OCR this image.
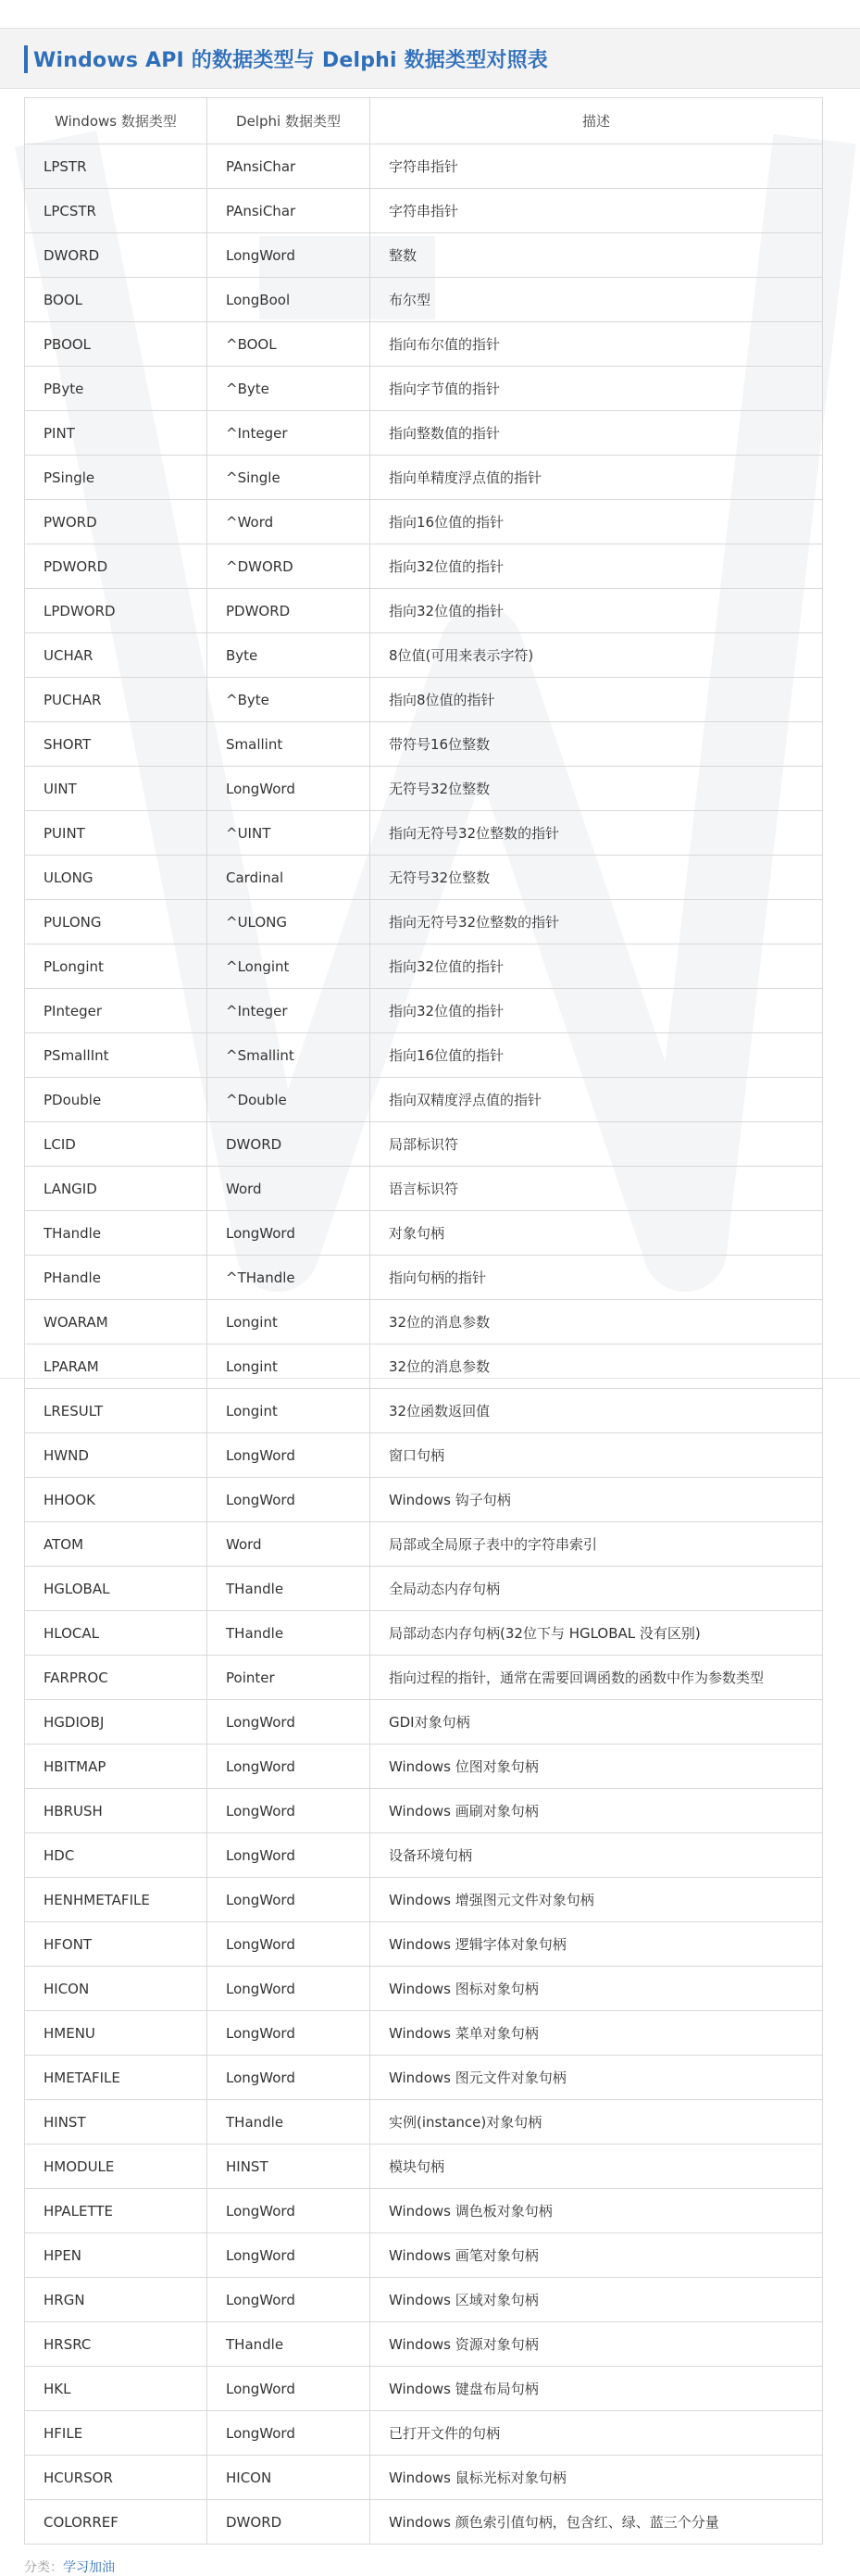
Windows API 的数据类型与 Delphi 数据类型对照表
Windows 数据类型	Delphi 数据类型	描述
LPSTR	PAnsiChar	字符串指针
LPCSTR	PAnsiChar	字符串指针
DWORD	LongWord	整数
BOOL	LongBool	布尔型
PBOOL	^BOOL	指向布尔值的指针
PByte	^Byte	指向字节值的指针
PINT	^Integer	指向整数值的指针
PSingle	^Single	指向单精度浮点值的指针
PWORD	^Word	指向16位值的指针
PDWORD	^DWORD	指向32位值的指针
LPDWORD	PDWORD	指向32位值的指针
UCHAR	Byte	8位值(可用来表示字符)
PUCHAR	^Byte	指向8位值的指针
SHORT	Smallint	带符号16位整数
UINT	LongWord	无符号32位整数
PUINT	^UINT	指向无符号32位整数的指针
ULONG	Cardinal	无符号32位整数
PULONG	^ULONG	指向无符号32位整数的指针
PLongint	^Longint	指向32位值的指针
PInteger	^Integer	指向32位值的指针
PSmallInt	^Smallint	指向16位值的指针
PDouble	^Double	指向双精度浮点值的指针
LCID	DWORD	局部标识符
LANGID	Word	语言标识符
THandle	LongWord	对象句柄
PHandle	^THandle	指向句柄的指针
WOARAM	Longint	32位的消息参数
LPARAM	Longint	32位的消息参数
LRESULT	Longint	32位函数返回值
HWND	LongWord	窗口句柄
HHOOK	LongWord	Windows 钩子句柄
ATOM	Word	局部或全局原子表中的字符串索引
HGLOBAL	THandle	全局动态内存句柄
HLOCAL	THandle	局部动态内存句柄(32位下与 HGLOBAL 没有区别)
FARPROC	Pointer	指向过程的指针，通常在需要回调函数的函数中作为参数类型
HGDIOBJ	LongWord	GDI对象句柄
HBITMAP	LongWord	Windows 位图对象句柄
HBRUSH	LongWord	Windows 画刷对象句柄
HDC	LongWord	设备环境句柄
HENHMETAFILE	LongWord	Windows 增强图元文件对象句柄
HFONT	LongWord	Windows 逻辑字体对象句柄
HICON	LongWord	Windows 图标对象句柄
HMENU	LongWord	Windows 菜单对象句柄
HMETAFILE	LongWord	Windows 图元文件对象句柄
HINST	THandle	实例(instance)对象句柄
HMODULE	HINST	模块句柄
HPALETTE	LongWord	Windows 调色板对象句柄
HPEN	LongWord	Windows 画笔对象句柄
HRGN	LongWord	Windows 区域对象句柄
HRSRC	THandle	Windows 资源对象句柄
HKL	LongWord	Windows 键盘布局句柄
HFILE	LongWord	已打开文件的句柄
HCURSOR	HICON	Windows 鼠标光标对象句柄
COLORREF	DWORD	Windows 颜色索引值句柄，包含红、绿、蓝三个分量
分类：学习加油
